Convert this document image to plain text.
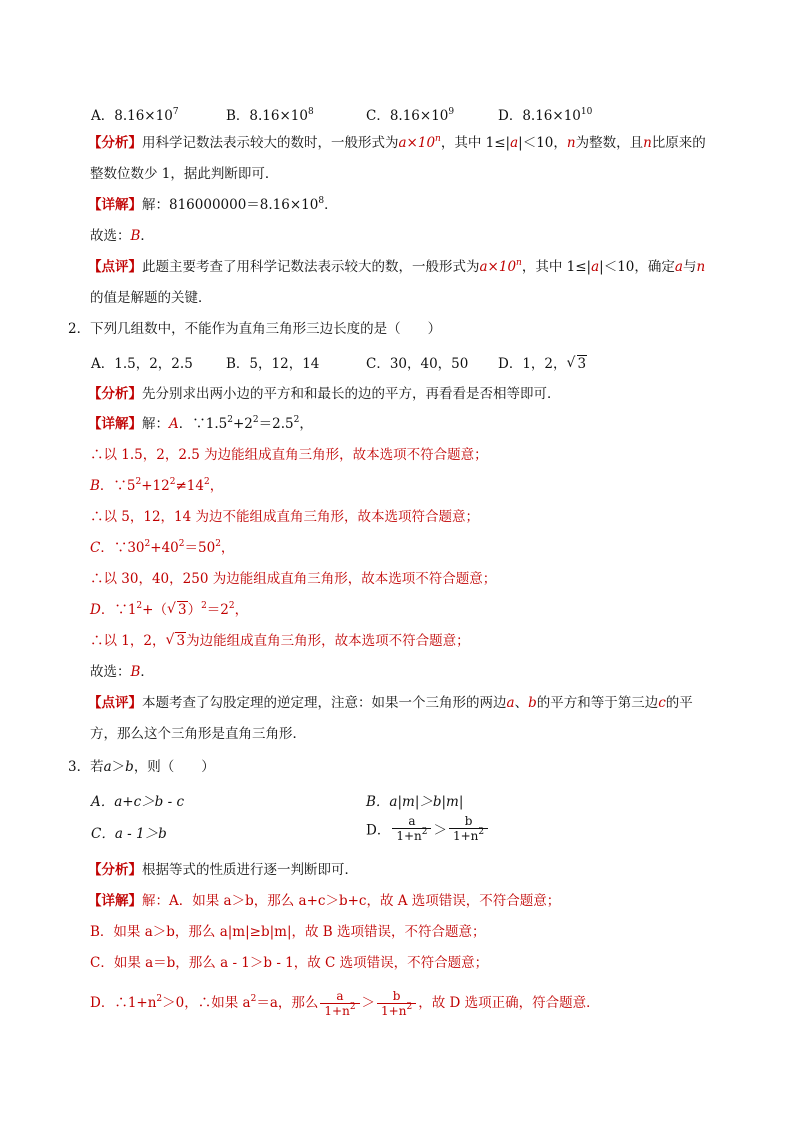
A．$8.16\times 10^7$	B．$8.16\times 10^8$	C．$8.16\times 10^9$	D．$8.16\times 10^{10}$
【分析】用科学记数法表示较大的数时，一般形式为$a\times 10^n$，其中 1≤|a|＜10，n为整数，且n比原来的
整数位数少 1，据此判断即可．
【详解】解：$816000000=8.16\times 10^8$．
故选：B．
【点评】此题主要考查了用科学记数法表示较大的数，一般形式为$a\times 10^n$，其中 1≤|a|＜10，确定a与n
的值是解题的关键．
2．下列几组数中，不能作为直角三角形三边长度的是（　　）
A．1.5，2，2.5 B．5，12，14	C．30，40，50 D．1，2， √ 3
【分析】先分别求出两小边的平方和和最长的边的平方，再看看是否相等即可．
【详解】解：A．$\because 1.5^2+2^2=2.5^2$，
∴以 1.5，2，2.5 为边能组成直角三角形，故本选项不符合题意；
B．$\because 5^2+12^2\ne 14^2$，
∴以 5，12，14 为边不能组成直角三角形，故本选项符合题意；
C．$\because 30^2+40^2=50^2$，
∴以 30，40，250 为边能组成直角三角形，故本选项不符合题意；
D．$\because 1^2+$（ √ $3)^2=2^2$，
∴以 1，2， √ 3为边能组成直角三角形，故本选项不符合题意；
故选：B．
【点评】本题考查了勾股定理的逆定理，注意：如果一个三角形的两边a、b的平方和等于第三边c的平
方，那么这个三角形是直角三角形．
3．若a＞b，则（　　）
A．a+c＞b - c	B．a|m|＞b|m|
C．a - 1＞b	D． $\frac{a}{1+n^2} > \frac{b}{1+n^2}$
【分析】根据等式的性质进行逐一判断即可．
【详解】解：A．如果 a＞b，那么 a+c＞b+c，故 A 选项错误，不符合题意；
B．如果 a＞b，那么 a|m|≥b|m|，故 B 选项错误，不符合题意；
C．如果 a＝b，那么 a - 1＞b - 1，故 C 选项错误，不符合题意；
D．$\therefore 1+n^2>0$，∴如果 $a^2=a$，那么 $\frac{a}{1+n^2} > \frac{b}{1+n^2}$ ，故 D 选项正确，符合题意．
